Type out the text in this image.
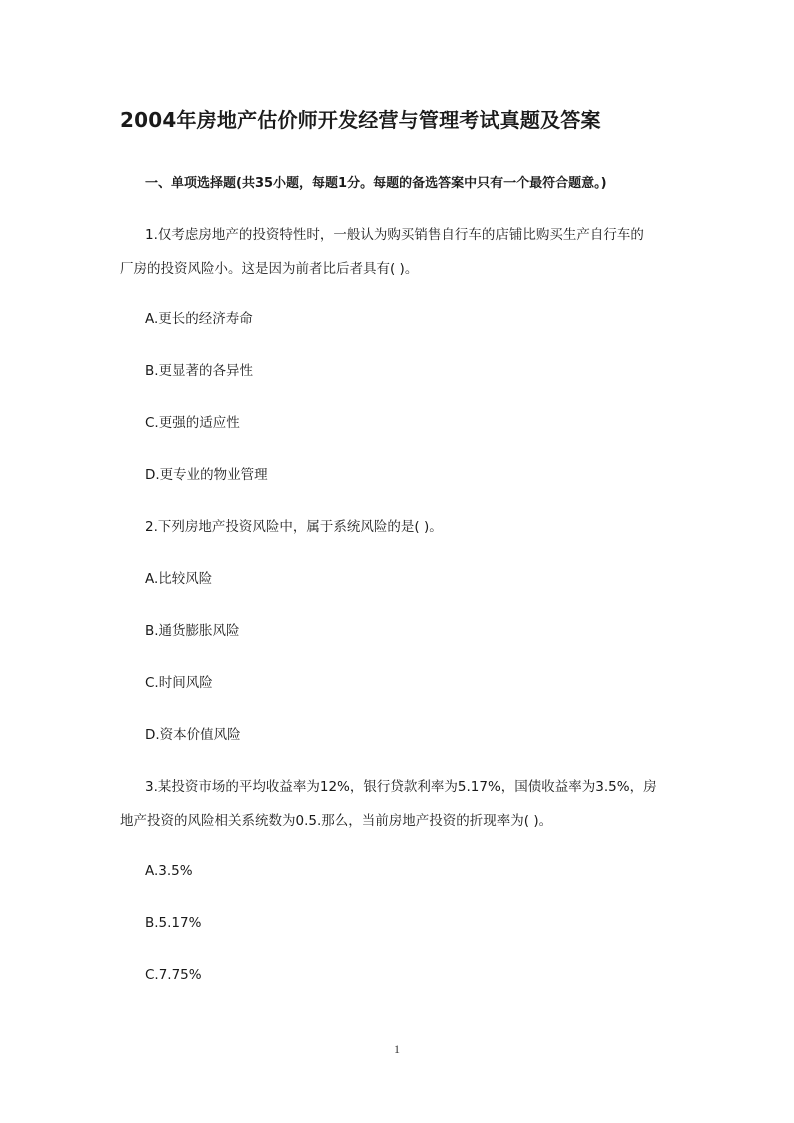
2004年房地产估价师开发经营与管理考试真题及答案
一、单项选择题(共35小题，每题1分。每题的备选答案中只有一个最符合题意。)
1.仅考虑房地产的投资特性时，一般认为购买销售自行车的店铺比购买生产自行车的
厂房的投资风险小。这是因为前者比后者具有( )。
A.更长的经济寿命
B.更显著的各异性
C.更强的适应性
D.更专业的物业管理
2.下列房地产投资风险中，属于系统风险的是( )。
A.比较风险
B.通货膨胀风险
C.时间风险
D.资本价值风险
3.某投资市场的平均收益率为12%，银行贷款利率为5.17%，国债收益率为3.5%，房
地产投资的风险相关系统数为0.5.那么，当前房地产投资的折现率为( )。
A.3.5%
B.5.17%
C.7.75%
1
